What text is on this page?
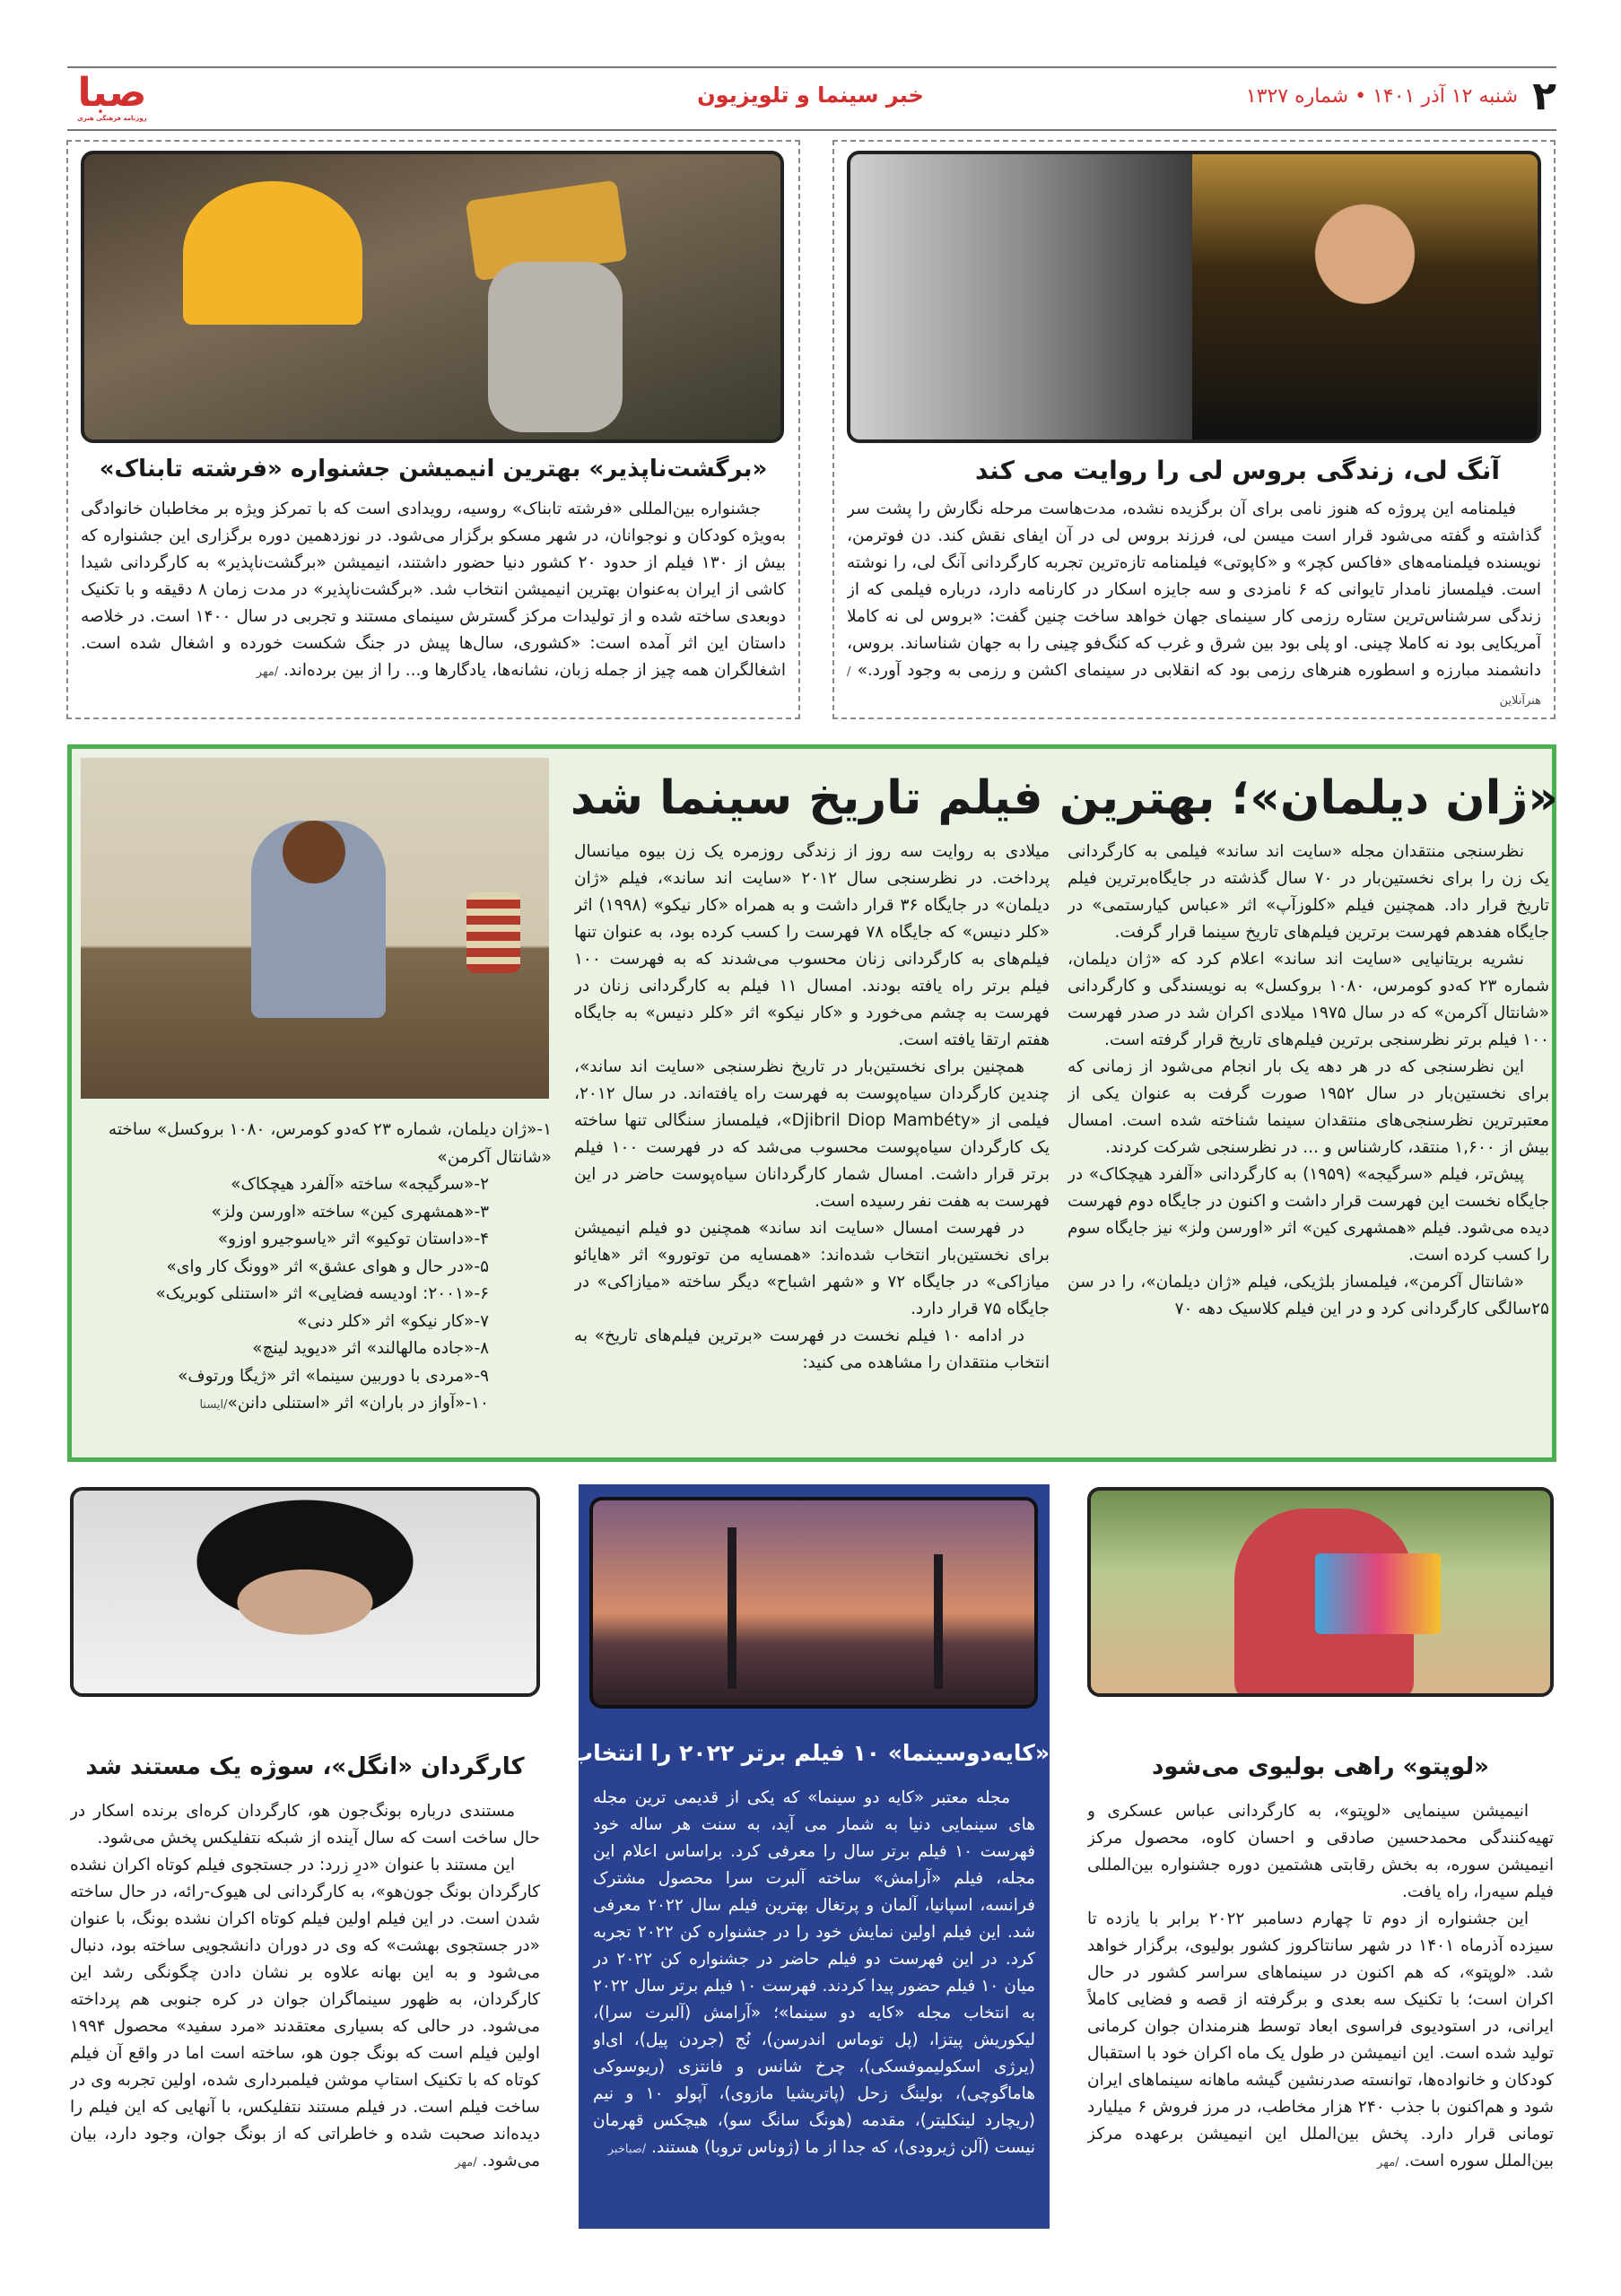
۲
شنبه ۱۲ آذر ۱۴۰۱ • شماره ۱۳۲۷
خبر سینما و تلویزیون
صبا
روزنامه فرهنگی هنری
آنگ لی، زندگی بروس لی را روایت می کند

فیلمنامه این پروژه که هنوز نامی برای آن برگزیده نشده، مدت‌هاست مرحله نگارش را پشت سر گذاشته و گفته می‌شود قرار است میسن لی، فرزند بروس لی در آن ایفای نقش کند. دن فوترمن، نویسنده فیلمنامه‌های «فاکس کچر» و «کاپوتی» فیلمنامه تازه‌ترین تجربه کارگردانی آنگ لی، را نوشته است. فیلمساز نامدار تایوانی که ۶ نامزدی و سه جایزه اسکار در کارنامه دارد، درباره فیلمی که از زندگی سرشناس‌ترین ستاره رزمی کار سینمای جهان خواهد ساخت چنین گفت: «بروس لی نه کاملا آمریکایی بود نه کاملا چینی. او پلی بود بین شرق و غرب که کنگ‌فو چینی را به جهان شناساند. بروس، دانشمند مبارزه و اسطوره هنرهای رزمی بود که انقلابی در سینمای اکشن و رزمی به وجود آورد.» /هنرآنلاین

«برگشت‌ناپذیر» بهترین انیمیشن جشنواره «فرشته تابناک»

جشنواره بین‌المللی «فرشته تابناک» روسیه، رویدادی است که با تمرکز ویژه بر مخاطبان خانوادگی به‌ویژه کودکان و نوجوانان، در شهر مسکو برگزار می‌شود. در نوزدهمین دوره برگزاری این جشنواره که بیش از ۱۳۰ فیلم از حدود ۲۰ کشور دنیا حضور داشتند، انیمیشن «برگشت‌ناپذیر» به کارگردانی شیدا کاشی از ایران به‌عنوان بهترین انیمیشن انتخاب شد. «برگشت‌ناپذیر» در مدت زمان ۸ دقیقه و با تکنیک دوبعدی ساخته شده و از تولیدات مرکز گسترش سینمای مستند و تجربی در سال ۱۴۰۰ است. در خلاصه داستان این اثر آمده است: «کشوری، سال‌ها پیش در جنگ شکست خورده و اشغال شده است. اشغالگران همه چیز از جمله زبان، نشانه‌ها، یادگارها و... را از بین برده‌اند. /مهر

«ژان دیلمان»؛ بهترین فیلم تاریخ سینما شد

نظرسنجی منتقدان مجله «سایت اند ساند» فیلمی به کارگردانی یک زن را برای نخستین‌بار در ۷۰ سال گذشته در جایگاه‌برترین فیلم تاریخ قرار داد. همچنین فیلم «کلوزآپ» اثر «عباس کیارستمی» در جایگاه هفدهم فهرست برترین فیلم‌های تاریخ سینما قرار گرفت.

نشریه بریتانیایی «سایت اند ساند» اعلام کرد که «ژان دیلمان، شماره ۲۳ که‌دو کومرس، ۱۰۸۰ بروکسل» به نویسندگی و کارگردانی «شانتال آکرمن» که در سال ۱۹۷۵ میلادی اکران شد در صدر فهرست ۱۰۰ فیلم برتر نظرسنجی برترین فیلم‌های تاریخ قرار گرفته است.

این نظرسنجی که در هر دهه یک بار انجام می‌شود از زمانی که برای نخستین‌بار در سال ۱۹۵۲ صورت گرفت به عنوان یکی از معتبرترین نظرسنجی‌های منتقدان سینما شناخته شده است. امسال بیش از ۱,۶۰۰ منتقد، کارشناس و ... در نظرسنجی شرکت کردند.

پیش‌تر، فیلم «سرگیجه» (۱۹۵۹) به کارگردانی «آلفرد هیچکاک» در جایگاه نخست این فهرست قرار داشت و اکنون در جایگاه دوم فهرست دیده می‌شود. فیلم «همشهری کین» اثر «اورسن ولز» نیز جایگاه سوم را کسب کرده است.

«شانتال آکرمن»، فیلمساز بلژیکی، فیلم «ژان دیلمان»، را در سن ۲۵سالگی کارگردانی کرد و در این فیلم کلاسیک دهه ۷۰

میلادی به روایت سه روز از زندگی روزمره یک زن بیوه میانسال پرداخت. در نظرسنجی سال ۲۰۱۲ «سایت اند ساند»، فیلم «ژان دیلمان» در جایگاه ۳۶ قرار داشت و به همراه «کار نیکو» (۱۹۹۸) اثر «کلر دنیس» که جایگاه ۷۸ فهرست را کسب کرده بود، به عنوان تنها فیلم‌های به کارگردانی زنان محسوب می‌شدند که به فهرست ۱۰۰ فیلم برتر راه یافته بودند. امسال ۱۱ فیلم به کارگردانی زنان در فهرست به چشم می‌خورد و «کار نیکو» اثر «کلر دنیس» به جایگاه هفتم ارتقا یافته است.

همچنین برای نخستین‌بار در تاریخ نظرسنجی «سایت اند ساند»، چندین کارگردان سیاه‌پوست به فهرست راه یافته‌اند. در سال ۲۰۱۲، فیلمی از «Djibril Diop Mambéty»، فیلمساز سنگالی تنها ساخته یک کارگردان سیاه‌پوست محسوب می‌شد که در فهرست ۱۰۰ فیلم برتر قرار داشت. امسال شمار کارگردانان سیاه‌پوست حاضر در این فهرست به هفت نفر رسیده است.

در فهرست امسال «سایت اند ساند» همچنین دو فیلم انیمیشن برای نخستین‌بار انتخاب شده‌اند: «همسایه من توتورو» اثر «هایائو میازاکی» در جایگاه ۷۲ و «شهر اشباح» دیگر ساخته «میازاکی» در جایگاه ۷۵ قرار دارد.

در ادامه ۱۰ فیلم نخست در فهرست «برترین فیلم‌های تاریخ» به انتخاب منتقدان را مشاهده می کنید:

۱-«ژان دیلمان، شماره ۲۳ که‌دو کومرس، ۱۰۸۰ بروکسل» ساخته «شانتال آکرمن»
۲-«سرگیجه» ساخته «آلفرد هیچکاک»
۳-«همشهری کین» ساخته «اورسن ولز»
۴-«داستان توکیو» اثر «یاسوجیرو اوزو»
۵-«در حال و هوای عشق» اثر «وونگ کار وای»
۶-«۲۰۰۱: اودیسه فضایی» اثر «استنلی کوبریک»
۷-«کار نیکو» اثر «کلر دنی»
۸-«جاده مالهالند» اثر «دیوید لینچ»
۹-«مردی با دوربین سینما» اثر «ژیگا ورتوف»
۱۰-«آواز در باران» اثر «استنلی دانن»/ایسنا
«لوپتو» راهی بولیوی می‌شود

انیمیشن سینمایی «لوپتو»، به کارگردانی عباس عسکری و تهیه‌کنندگی محمدحسین صادقی و احسان کاوه، محصول مرکز انیمیشن سوره، به بخش رقابتی هشتمین دوره جشنواره بین‌المللی فیلم سیه‌را، راه یافت.

این جشنواره از دوم تا چهارم دسامبر ۲۰۲۲ برابر با یازده تا سیزده آذرماه ۱۴۰۱ در شهر سانتاکروز کشور بولیوی، برگزار خواهد شد. «لوپتو»، که هم اکنون در سینماهای سراسر کشور در حال اکران است؛ با تکنیک سه بعدی و برگرفته از قصه و فضایی کاملاً ایرانی، در استودیوی فراسوی ابعاد توسط هنرمندان جوان کرمانی تولید شده است. این انیمیشن در طول یک ماه اکران خود با استقبال کودکان و خانواده‌ها، توانسته صدرنشین گیشه ماهانه سینماهای ایران شود و هم‌اکنون با جذب ۲۴۰ هزار مخاطب، در مرز فروش ۶ میلیارد تومانی قرار دارد. پخش بین‌الملل این انیمیشن برعهده مرکز بین‌الملل سوره است. /مهر

«کایه‌دوسینما» ۱۰ فیلم برتر ۲۰۲۲ را انتخاب کرد

مجله معتبر «کایه دو سینما» که یکی از قدیمی ترین مجله های سینمایی دنیا به شمار می آید، به سنت هر ساله خود فهرست ۱۰ فیلم برتر سال را معرفی کرد. براساس اعلام این مجله، فیلم «آرامش» ساخته آلبرت سرا محصول مشترک فرانسه، اسپانیا، آلمان و پرتغال بهترین فیلم سال ۲۰۲۲ معرفی شد. این فیلم اولین نمایش خود را در جشنواره کن ۲۰۲۲ تجربه کرد. در این فهرست دو فیلم حاضر در جشنواره کن ۲۰۲۲ در میان ۱۰ فیلم حضور پیدا کردند. فهرست ۱۰ فیلم برتر سال ۲۰۲۲ به انتخاب مجله «کایه دو سینما»؛ «آرامش (آلبرت سرا)، لیکوریش پیتزا، (پل توماس اندرسن)، نُج (جردن پیل)، ای‌او (یرژی اسکولیموفسکی)، چرخ شانس و فانتزی (ریوسوکی هاماگوچی)، بولینگ زحل (پاتریشیا مازوی)، آپولو ۱۰ و نیم (ریچارد لینکلیتر)، مقدمه (هونگ سانگ سو)، هیچکس قهرمان نیست (آلن ژیرودی)، که جدا از ما (ژوناس تروبا) هستند. /صباخبر

کارگردان «انگل»، سوژه یک مستند شد

مستندی درباره بونگ‌جون هو، کارگردان کره‌ای برنده اسکار در حال ساخت است که سال آینده از شبکه نتفلیکس پخش می‌شود.

این مستند با عنوان «درِ زرد: در جستجوی فیلم کوتاه اکران نشده کارگردان بونگ جون‌هو»، به کارگردانی لی هیوک-رائه، در حال ساخته شدن است. در این فیلم اولین فیلم کوتاه اکران نشده بونگ، با عنوان «در جستجوی بهشت» که وی در دوران دانشجویی ساخته بود، دنبال می‌شود و به این بهانه علاوه بر نشان دادن چگونگی رشد این کارگردان، به ظهور سینماگران جوان در کره جنوبی هم پرداخته می‌شود. در حالی که بسیاری معتقدند «مرد سفید» محصول ۱۹۹۴ اولین فیلم است که بونگ جون هو، ساخته است اما در واقع آن فیلم کوتاه که با تکنیک استاپ موشن فیلمبرداری شده، اولین تجربه وی در ساخت فیلم است. در فیلم مستند نتفلیکس، با آنهایی که این فیلم را دیده‌اند صحبت شده و خاطراتی که از بونگ جوان، وجود دارد، بیان می‌شود. /مهر
